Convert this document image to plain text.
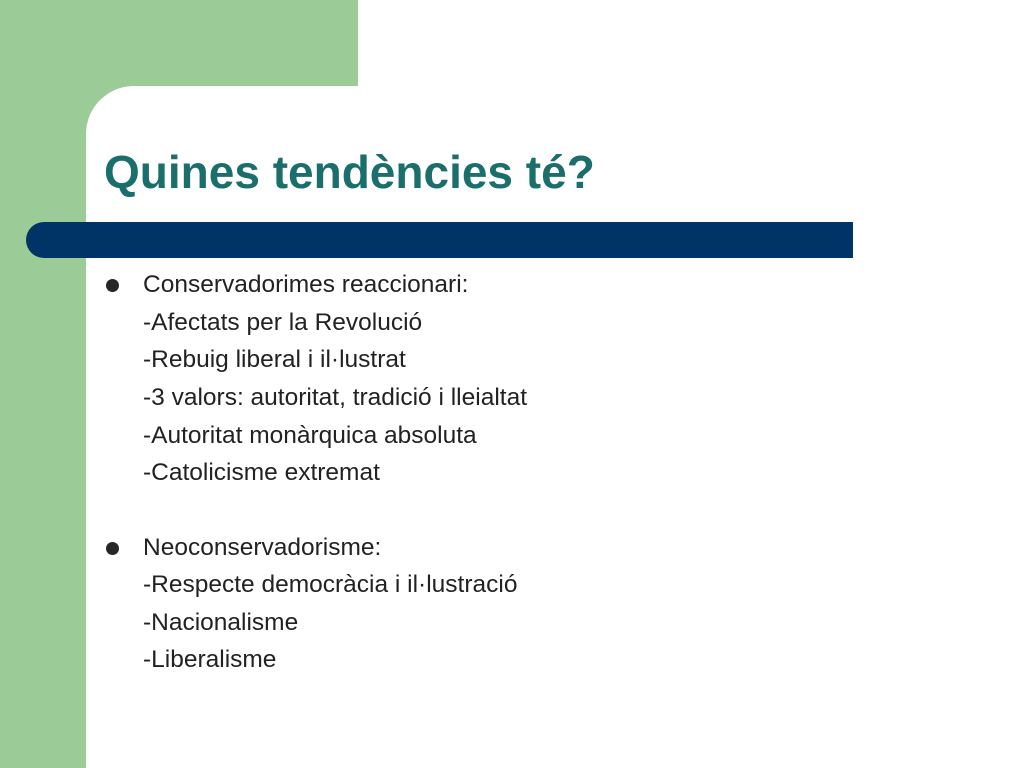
Quines tendències té?

Conservadorimes reaccionari:

-Afectats per la Revolució

-Rebuig liberal i il·lustrat

-3 valors: autoritat, tradició i lleialtat

-Autoritat monàrquica absoluta

-Catolicisme extremat

Neoconservadorisme:

-Respecte democràcia i il·lustració

-Nacionalisme

-Liberalisme
